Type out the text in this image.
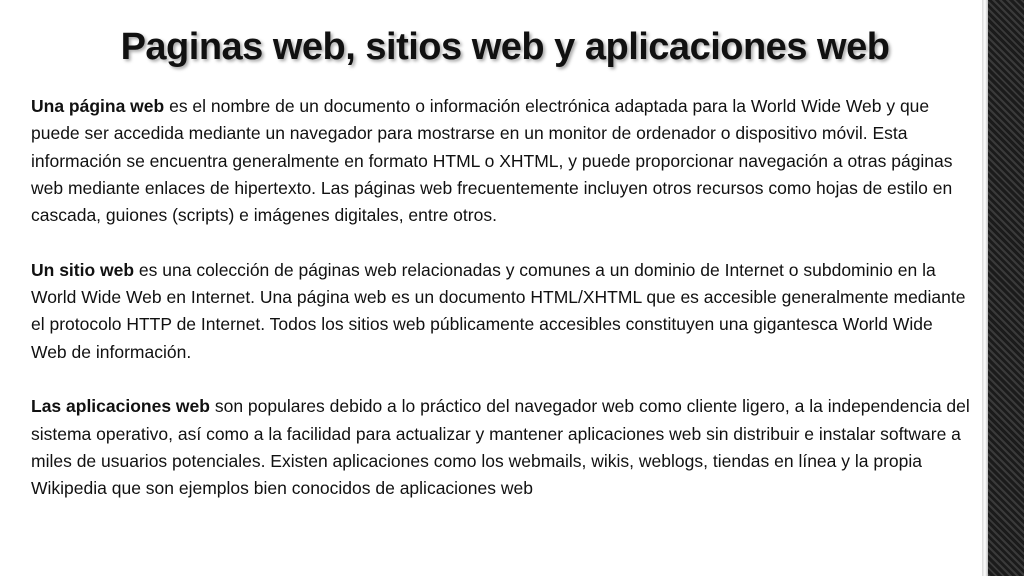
Paginas web, sitios web y aplicaciones web

Una página web es el nombre de un documento o información electrónica adaptada para la World Wide Web y que puede ser accedida mediante un navegador para mostrarse en un monitor de ordenador o dispositivo móvil. Esta información se encuentra generalmente en formato HTML o XHTML, y puede proporcionar navegación a otras páginas web mediante enlaces de hipertexto. Las páginas web frecuentemente incluyen otros recursos como hojas de estilo en cascada, guiones (scripts) e imágenes digitales, entre otros.

Un sitio web es una colección de páginas web relacionadas y comunes a un dominio de Internet o subdominio en la World Wide Web en Internet. Una página web es un documento HTML/XHTML que es accesible generalmente mediante el protocolo HTTP de Internet. Todos los sitios web públicamente accesibles constituyen una gigantesca World Wide Web de información.

Las aplicaciones web son populares debido a lo práctico del navegador web como cliente ligero, a la independencia del sistema operativo, así como a la facilidad para actualizar y mantener aplicaciones web sin distribuir e instalar software a miles de usuarios potenciales. Existen aplicaciones como los webmails, wikis, weblogs, tiendas en línea y la propia Wikipedia que son ejemplos bien conocidos de aplicaciones web
